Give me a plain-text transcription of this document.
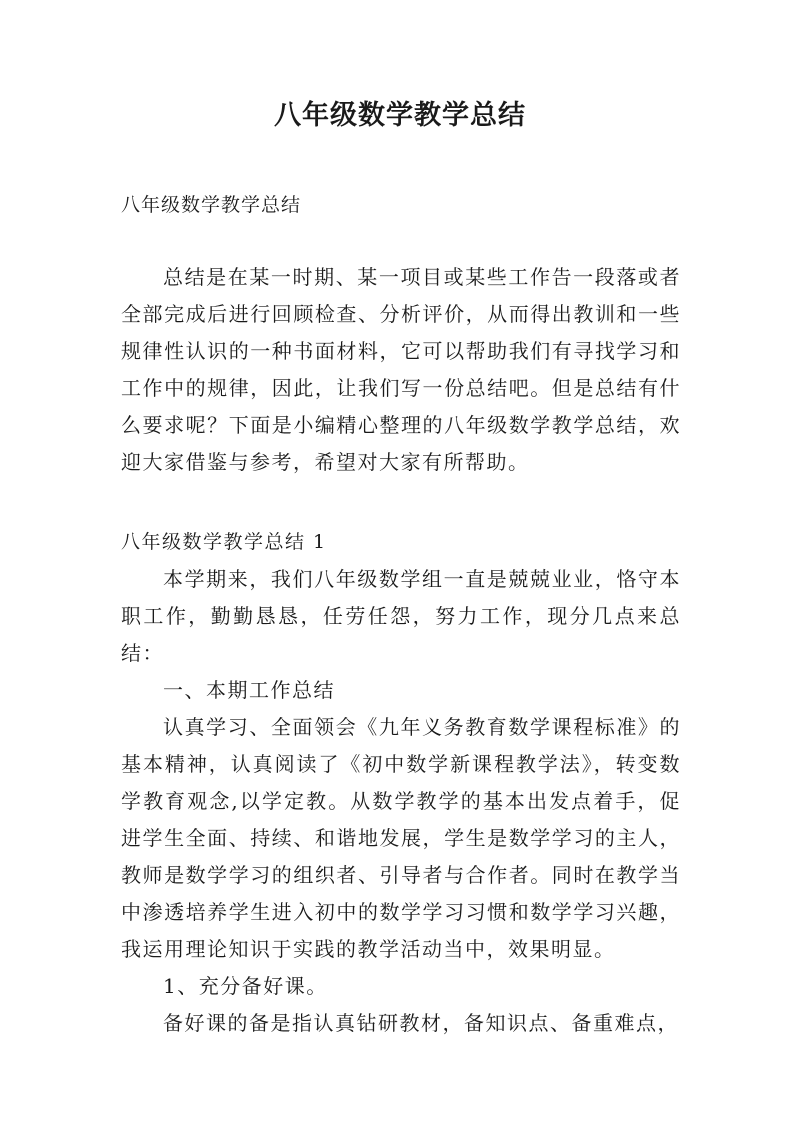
八年级数学教学总结
八年级数学教学总结

总结是在某一时期、某一项目或某些工作告一段落或者全部完成后进行回顾检查、分析评价，从而得出教训和一些规律性认识的一种书面材料，它可以帮助我们有寻找学习和工作中的规律，因此，让我们写一份总结吧。但是总结有什么要求呢？下面是小编精心整理的八年级数学教学总结，欢迎大家借鉴与参考，希望对大家有所帮助。

八年级数学教学总结 1

本学期来，我们八年级数学组一直是兢兢业业，恪守本职工作，勤勤恳恳，任劳任怨，努力工作，现分几点来总结：

一、本期工作总结

认真学习、全面领会《九年义务教育数学课程标准》的基本精神，认真阅读了《初中数学新课程教学法》，转变数学教育观念,以学定教。从数学教学的基本出发点着手，促进学生全面、持续、和谐地发展，学生是数学学习的主人，教师是数学学习的组织者、引导者与合作者。同时在教学当中渗透培养学生进入初中的数学学习习惯和数学学习兴趣，我运用理论知识于实践的教学活动当中，效果明显。

1、充分备好课。

备好课的备是指认真钻研教材，备知识点、备重难点，
